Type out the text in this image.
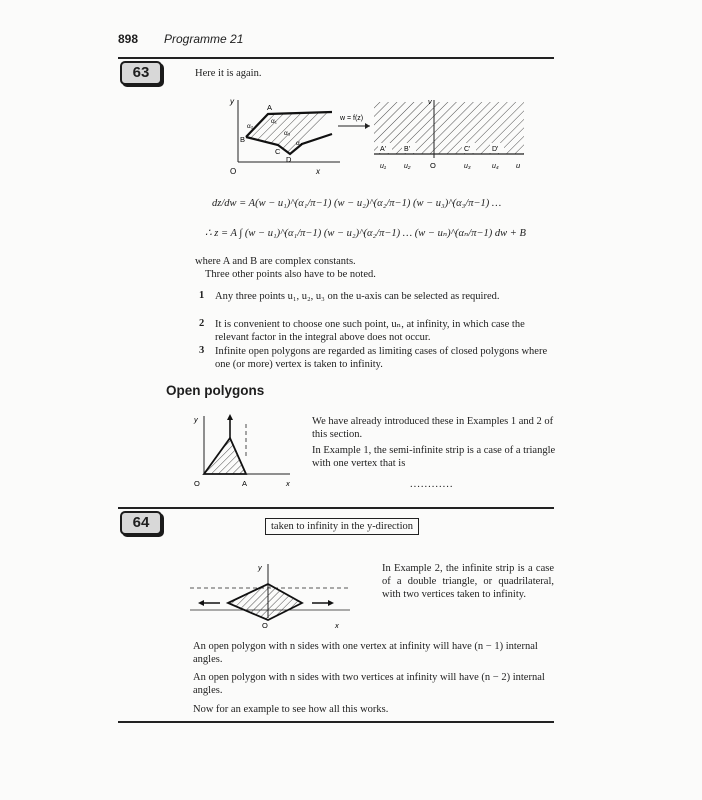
898 Programme 21
63	Here it is again.
y
O	x
A
B
C
D
α₂
α₁
α₃
α₄
w = f(z)
v
O	u
A'	B'	C'	D'
u₁	u₂	u₃	u₄
dz/dw = A(w − u₁)^(α₁/π−1) (w − u₂)^(α₂/π−1) (w − u₃)^(α₃/π−1) …
∴ z = A ∫ (w − u₁)^(α₁/π−1) (w − u₂)^(α₂/π−1) … (w − uₙ)^(αₙ/π−1) dw + B
where A and B are complex constants.
Three other points also have to be noted.
1 Any three points u₁, u₂, u₃ on the u-axis can be selected as required.
2 It is convenient to choose one such point, uₙ, at infinity, in which case the relevant factor in the integral above does not occur.
3 Infinite open polygons are regarded as limiting cases of closed polygons where one (or more) vertex is taken to infinity.
Open polygons
y
O	A	x
We have already introduced these in Examples 1 and 2 of this section.
In Example 1, the semi-infinite strip is a case of a triangle with one vertex that is
............
64	taken to infinity in the y-direction
y
O	x
In Example 2, the infinite strip is a case of a double triangle, or quadrilateral, with two vertices taken to infinity.
An open polygon with n sides with one vertex at infinity will have (n − 1) internal angles.
An open polygon with n sides with two vertices at infinity will have (n − 2) internal angles.
Now for an example to see how all this works.
